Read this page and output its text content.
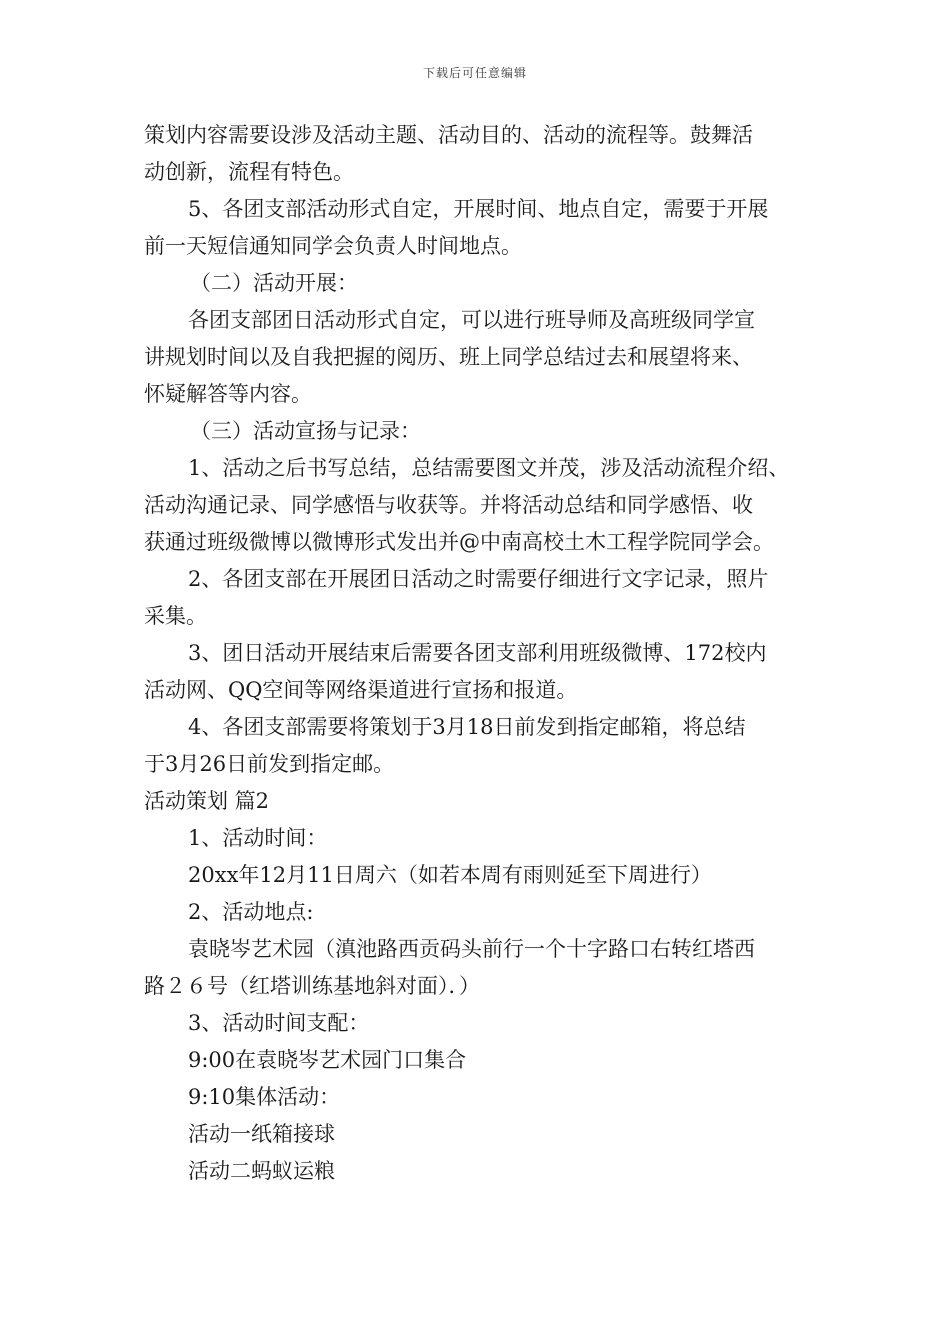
下载后可任意编辑

策划内容需要设涉及活动主题、活动目的、活动的流程等。鼓舞活
动创新，流程有特色。

5、各团支部活动形式自定，开展时间、地点自定，需要于开展
前一天短信通知同学会负责人时间地点。

（二）活动开展：

各团支部团日活动形式自定，可以进行班导师及高班级同学宣
讲规划时间以及自我把握的阅历、班上同学总结过去和展望将来、
怀疑解答等内容。

（三）活动宣扬与记录：

1、活动之后书写总结，总结需要图文并茂，涉及活动流程介绍、
活动沟通记录、同学感悟与收获等。并将活动总结和同学感悟、收
获通过班级微博以微博形式发出并@中南高校土木工程学院同学会。

2、各团支部在开展团日活动之时需要仔细进行文字记录，照片
采集。

3、团日活动开展结束后需要各团支部利用班级微博、172校内
活动网、QQ空间等网络渠道进行宣扬和报道。

4、各团支部需要将策划于3月18日前发到指定邮箱，将总结
于3月26日前发到指定邮。

活动策划 篇2

1、活动时间：

20xx年12月11日周六（如若本周有雨则延至下周进行）

2、活动地点:

袁晓岑艺术园（滇池路西贡码头前行一个十字路口右转红塔西
路２６号（红塔训练基地斜对面）．）

3、活动时间支配：

9:00在袁晓岑艺术园门口集合

9:10集体活动：

活动一纸箱接球

活动二蚂蚁运粮
